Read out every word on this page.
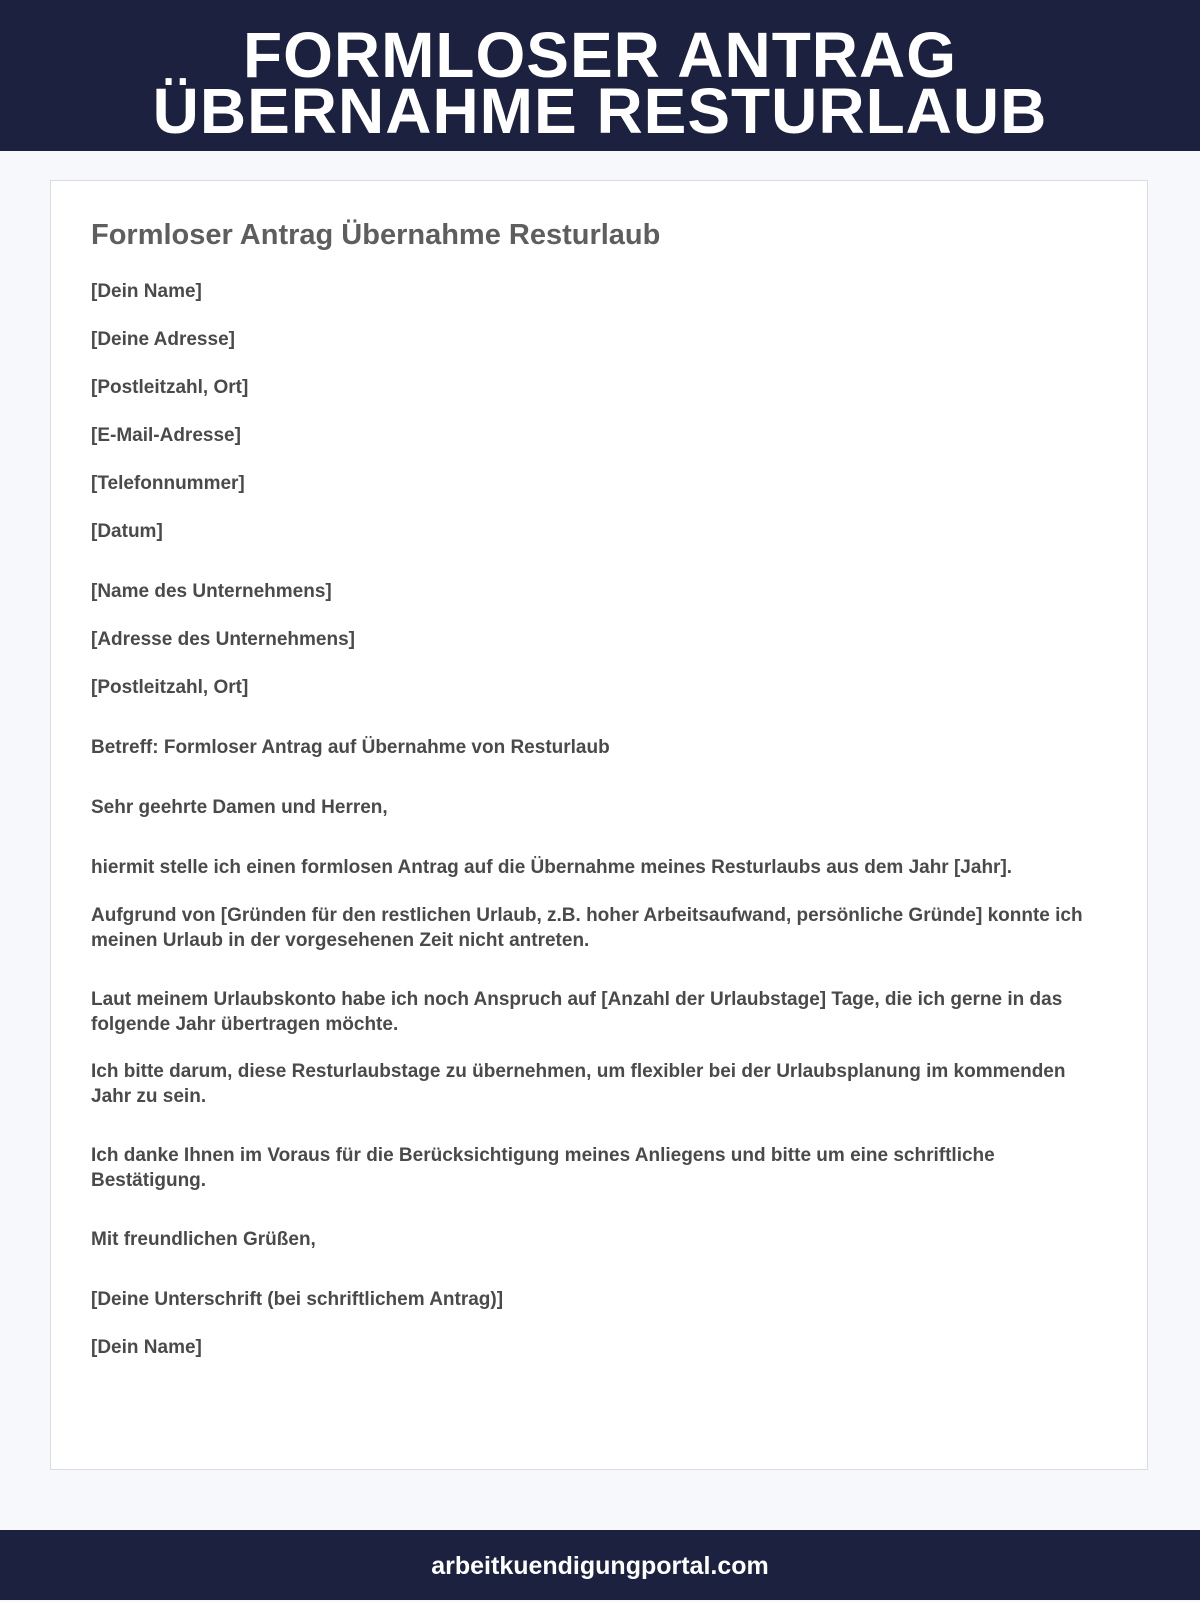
FORMLOSER ANTRAG
ÜBERNAHME RESTURLAUB
Formloser Antrag Übernahme Resturlaub

[Dein Name]

[Deine Adresse]

[Postleitzahl, Ort]

[E-Mail-Adresse]

[Telefonnummer]

[Datum]

[Name des Unternehmens]

[Adresse des Unternehmens]

[Postleitzahl, Ort]

Betreff: Formloser Antrag auf Übernahme von Resturlaub

Sehr geehrte Damen und Herren,

hiermit stelle ich einen formlosen Antrag auf die Übernahme meines Resturlaubs aus dem Jahr [Jahr].

Aufgrund von [Gründen für den restlichen Urlaub, z.B. hoher Arbeitsaufwand, persönliche Gründe] konnte ich meinen Urlaub in der vorgesehenen Zeit nicht antreten.

Laut meinem Urlaubskonto habe ich noch Anspruch auf [Anzahl der Urlaubstage] Tage, die ich gerne in das folgende Jahr übertragen möchte.

Ich bitte darum, diese Resturlaubstage zu übernehmen, um flexibler bei der Urlaubsplanung im kommenden Jahr zu sein.

Ich danke Ihnen im Voraus für die Berücksichtigung meines Anliegens und bitte um eine schriftliche Bestätigung.

Mit freundlichen Grüßen,

[Deine Unterschrift (bei schriftlichem Antrag)]

[Dein Name]

arbeitkuendigungportal.com
